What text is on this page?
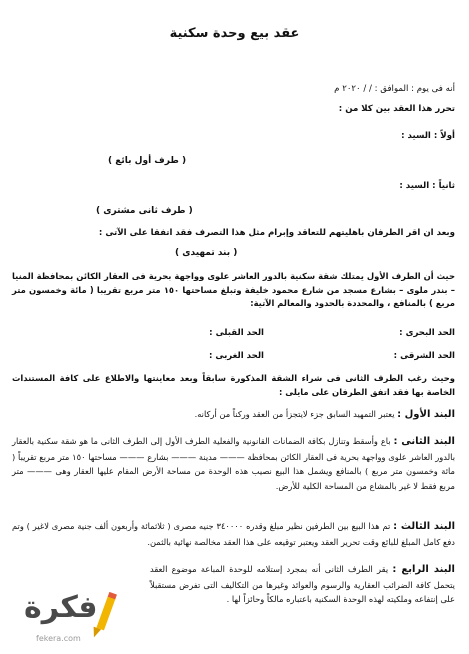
عقد بيع وحدة سكنية
أنه فى يوم : الموافق : / / ٢٠٢٠ م
تحرر هذا العقد بين كلا من :
أولاً : السيد :
( طرف أول بائع )
ثانياً : السيد :
( طرف ثانى مشترى )
وبعد ان اقر الطرفان باهليتهم للتعاقد وإبرام مثل هذا التصرف فقد اتفقا على الآتى :
( بند تمهيدى )
حيث أن الطرف الأول يمتلك شقة سكنية بالدور العاشر علوى وواجهة بحرية فى العقار الكائن بمحافظة المنيا – بندر ملوى – بشارع مسجد من شارع محمود خليفة وتبلغ مساحتها ١٥٠ متر مربع تقريبا ( مائة وخمسون متر مربع ) بالمنافع ، والمحددة بالحدود والمعالم الآتية:
الحد البحرى :
الحد القبلى :
الحد الشرقى :
الحد الغربى :
وحيث رغب الطرف الثانى فى شراء الشقة المذكورة سابقاً وبعد معاينتها والاطلاع على كافة المستندات الخاصة بها فقد اتفق الطرفان على مايلى :
البند الأول : يعتبر التمهيد السابق جزء لايتجزأ من العقد وركناً من أركانه.
البند الثانى : باع وأسقط وتنازل بكافة الضمانات القانونية والفعلية الطرف الأول إلى الطرف الثانى ما هو شقة سكنية بالعقار بالدور العاشر علوى وواجهة بحرية فى العقار الكائن بمحافظة ——— مدينة ——— بشارع ——— مساحتها ١٥٠ متر مربع تقريباً ( مائة وخمسون متر مربع ) بالمنافع ويشمل هذا البيع نصيب هذه الوحدة من مساحة الأرض المقام عليها العقار وهى ——— متر مربع فقط لا غير بالمشاع من المساحة الكلية للأرض.
البند الثالث : تم هذا البيع بين الطرفين نظير مبلغ وقدره ٣٤٠٠٠٠ جنيه مصرى ( ثلاثمائة وأربعون ألف جنية مصرى لاغير ) وتم دفع كامل المبلغ للبائع وقت تحرير العقد ويعتبر توقيعه على هذا العقد مخالصة نهائية بالثمن.
البند الرابع : يقر الطرف الثانى أنه بمجرد إستلامه للوحدة المباعة موضوع العقد يتحمل كافة الضرائب العقارية والرسوم والعوائد وغيرها من التكاليف التى تفرض مستقبلاً على إنتفاعه وملكيته لهذه الوحدة السكنية باعتباره مالكاً وحائزاً لها .
فكرة
fekera.com
